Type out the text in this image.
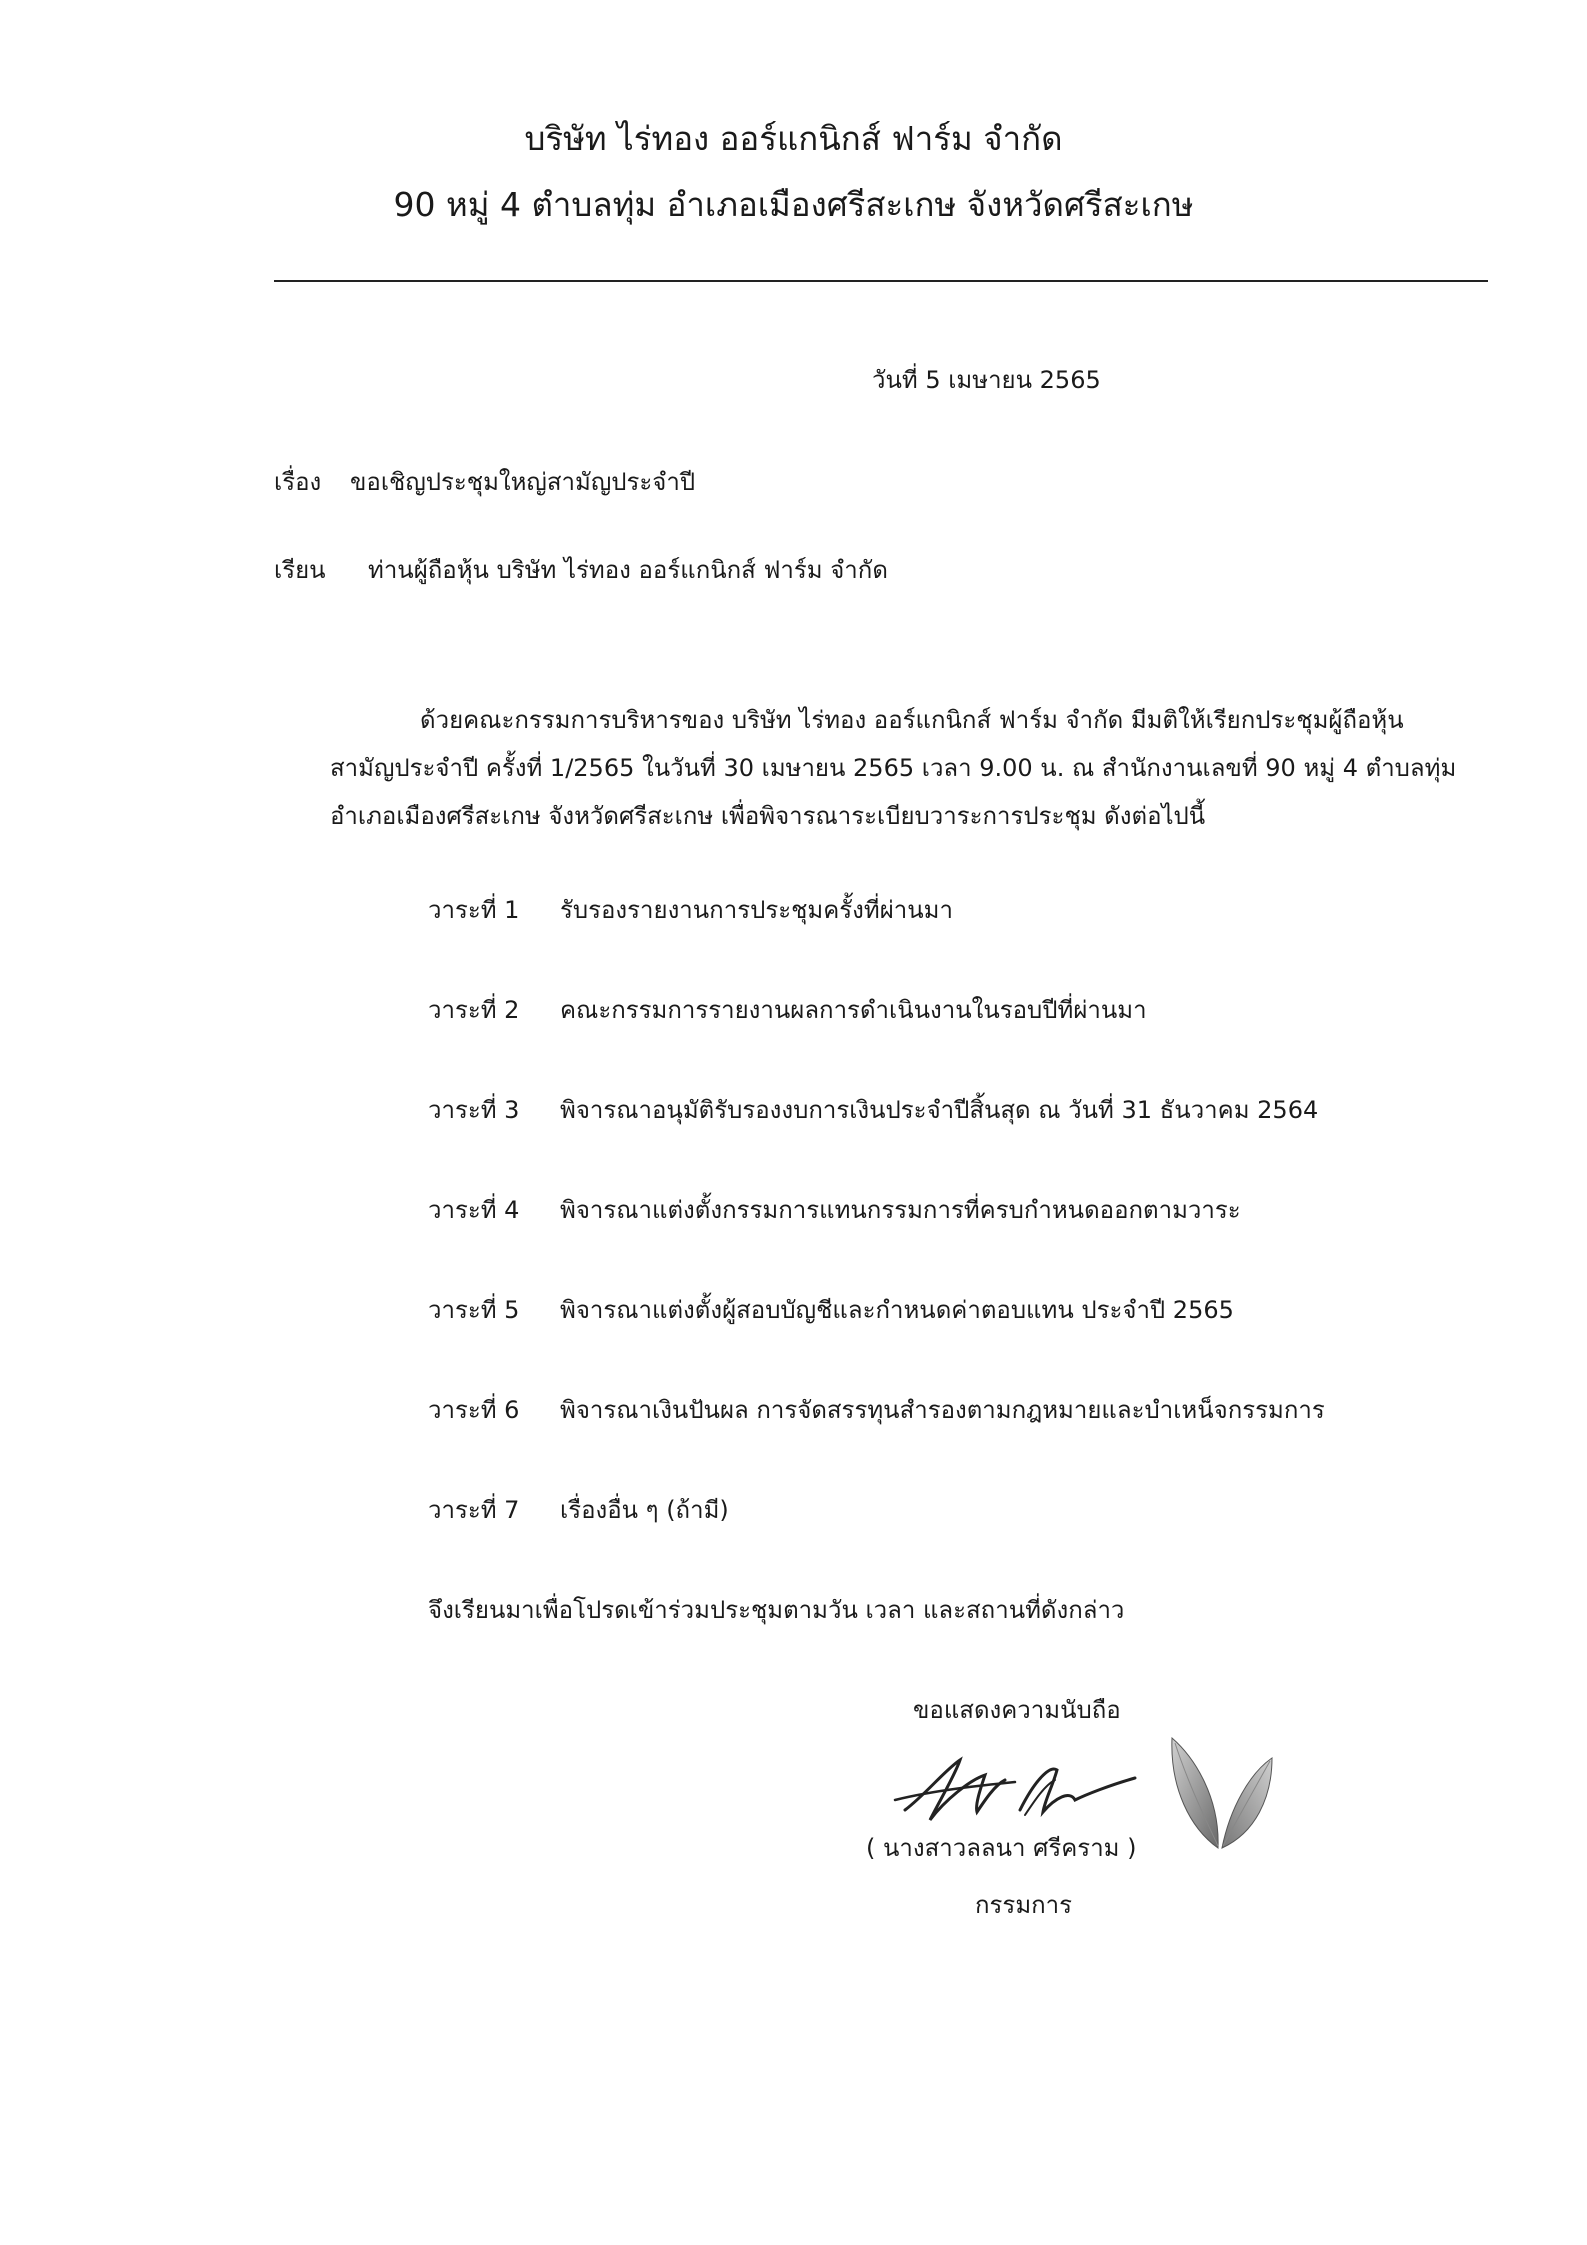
บริษัท ไร่ทอง ออร์แกนิกส์ ฟาร์ม จำกัด
90 หมู่ 4 ตำบลทุ่ม อำเภอเมืองศรีสะเกษ จังหวัดศรีสะเกษ
วันที่ 5 เมษายน 2565
เรื่อง ขอเชิญประชุมใหญ่สามัญประจำปี
เรียน ท่านผู้ถือหุ้น บริษัท ไร่ทอง ออร์แกนิกส์ ฟาร์ม จำกัด
ด้วยคณะกรรมการบริหารของ บริษัท ไร่ทอง ออร์แกนิกส์ ฟาร์ม จำกัด มีมติให้เรียกประชุมผู้ถือหุ้น
สามัญประจำปี ครั้งที่ 1/2565 ในวันที่ 30 เมษายน 2565 เวลา 9.00 น. ณ สำนักงานเลขที่ 90 หมู่ 4 ตำบลทุ่ม
อำเภอเมืองศรีสะเกษ จังหวัดศรีสะเกษ เพื่อพิจารณาระเบียบวาระการประชุม ดังต่อไปนี้
วาระที่ 1 รับรองรายงานการประชุมครั้งที่ผ่านมา
วาระที่ 2 คณะกรรมการรายงานผลการดำเนินงานในรอบปีที่ผ่านมา
วาระที่ 3 พิจารณาอนุมัติรับรองงบการเงินประจำปีสิ้นสุด ณ วันที่ 31 ธันวาคม 2564
วาระที่ 4 พิจารณาแต่งตั้งกรรมการแทนกรรมการที่ครบกำหนดออกตามวาระ
วาระที่ 5 พิจารณาแต่งตั้งผู้สอบบัญชีและกำหนดค่าตอบแทน ประจำปี 2565
วาระที่ 6 พิจารณาเงินปันผล การจัดสรรทุนสำรองตามกฎหมายและบำเหน็จกรรมการ
วาระที่ 7 เรื่องอื่น ๆ (ถ้ามี)
จึงเรียนมาเพื่อโปรดเข้าร่วมประชุมตามวัน เวลา และสถานที่ดังกล่าว
ขอแสดงความนับถือ
( นางสาวลลนา ศรีคราม )
กรรมการ
